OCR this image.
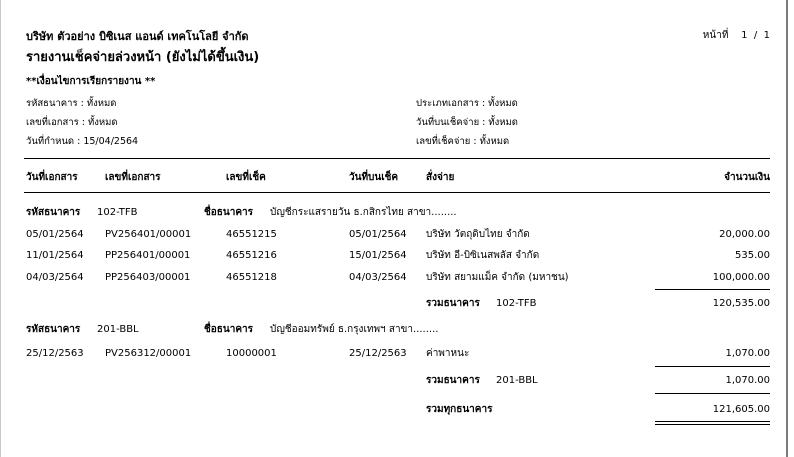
บริษัท ตัวอย่าง บิซิเนส แอนด์ เทคโนโลยี จำกัด
รายงานเช็คจ่ายล่วงหน้า (ยังไม่ได้ขึ้นเงิน)
หน้าที่ 1 / 1
**เงื่อนไขการเรียกรายงาน **
รหัสธนาคาร : ทั้งหมด
เลขที่เอกสาร : ทั้งหมด
วันที่กำหนด : 15/04/2564
ประเภทเอกสาร : ทั้งหมด
วันที่บนเช็คจ่าย : ทั้งหมด
เลขที่เช็คจ่าย : ทั้งหมด
วันที่เอกสาร	เลขที่เอกสาร	เลขที่เช็ค	วันที่บนเช็ค	สั่งจ่าย	จำนวนเงิน
รหัสธนาคาร 102-TFB	ชื่อธนาคาร บัญชีกระแสรายวัน ธ.กสิกรไทย สาขา........
05/01/2564 PV256401/00001	46551215	05/01/2564 บริษัท วัตถุดิบไทย จำกัด	20,000.00
11/01/2564 PP256401/00001	46551216	15/01/2564 บริษัท อี-บิซิเนสพลัส จำกัด	535.00
04/03/2564 PP256403/00001	46551218	04/03/2564 บริษัท สยามแม็ค จำกัด (มหาชน)	100,000.00
รวมธนาคาร 102-TFB	120,535.00
รหัสธนาคาร 201-BBL	ชื่อธนาคาร บัญชีออมทรัพย์ ธ.กรุงเทพฯ สาขา........
25/12/2563 PV256312/00001	10000001	25/12/2563 ค่าพาหนะ	1,070.00
รวมธนาคาร 201-BBL	1,070.00
รวมทุกธนาคาร	121,605.00
